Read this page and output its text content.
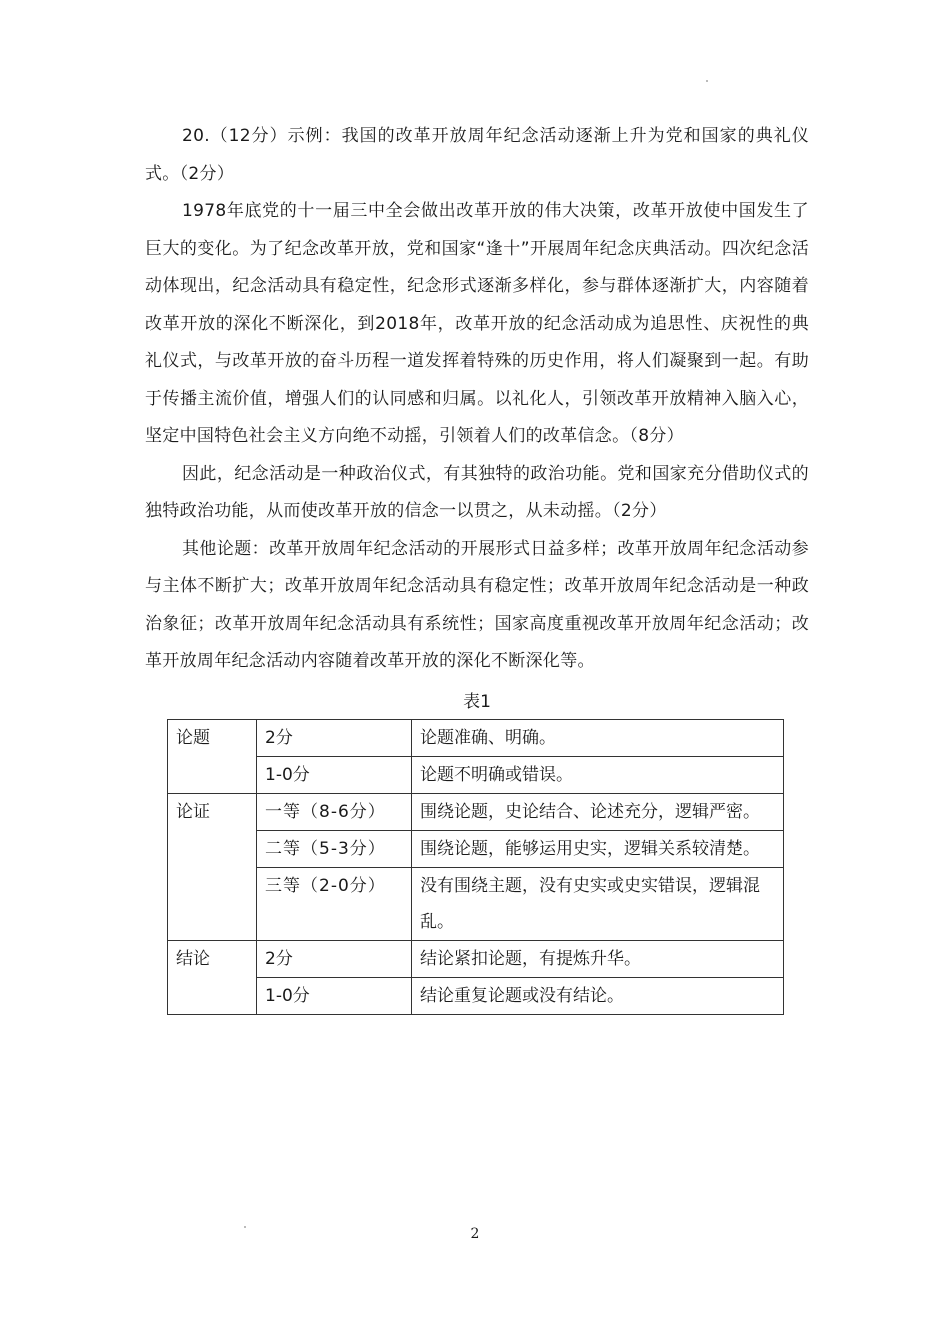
20.（12分）示例：我国的改革开放周年纪念活动逐渐上升为党和国家的典礼仪式。（2分）

1978年底党的十一届三中全会做出改革开放的伟大决策，改革开放使中国发生了巨大的变化。为了纪念改革开放，党和国家“逢十”开展周年纪念庆典活动。四次纪念活动体现出，纪念活动具有稳定性，纪念形式逐渐多样化，参与群体逐渐扩大，内容随着改革开放的深化不断深化，到2018年，改革开放的纪念活动成为追思性、庆祝性的典礼仪式，与改革开放的奋斗历程一道发挥着特殊的历史作用，将人们凝聚到一起。有助于传播主流价值，增强人们的认同感和归属。以礼化人，引领改革开放精神入脑入心，坚定中国特色社会主义方向绝不动摇，引领着人们的改革信念。（8分）

因此，纪念活动是一种政治仪式，有其独特的政治功能。党和国家充分借助仪式的独特政治功能，从而使改革开放的信念一以贯之，从未动摇。（2分）

其他论题：改革开放周年纪念活动的开展形式日益多样；改革开放周年纪念活动参与主体不断扩大；改革开放周年纪念活动具有稳定性；改革开放周年纪念活动是一种政治象征；改革开放周年纪念活动具有系统性；国家高度重视改革开放周年纪念活动；改革开放周年纪念活动内容随着改革开放的深化不断深化等。

表1
论题	2分	论题准确、明确。
	1-0分	论题不明确或错误。
论证	一等（8-6分）	围绕论题，史论结合、论述充分，逻辑严密。
	二等（5-3分）	围绕论题，能够运用史实，逻辑关系较清楚。
	三等（2-0分）	没有围绕主题，没有史实或史实错误，逻辑混乱。
结论	2分	结论紧扣论题，有提炼升华。
	1-0分	结论重复论题或没有结论。
2
